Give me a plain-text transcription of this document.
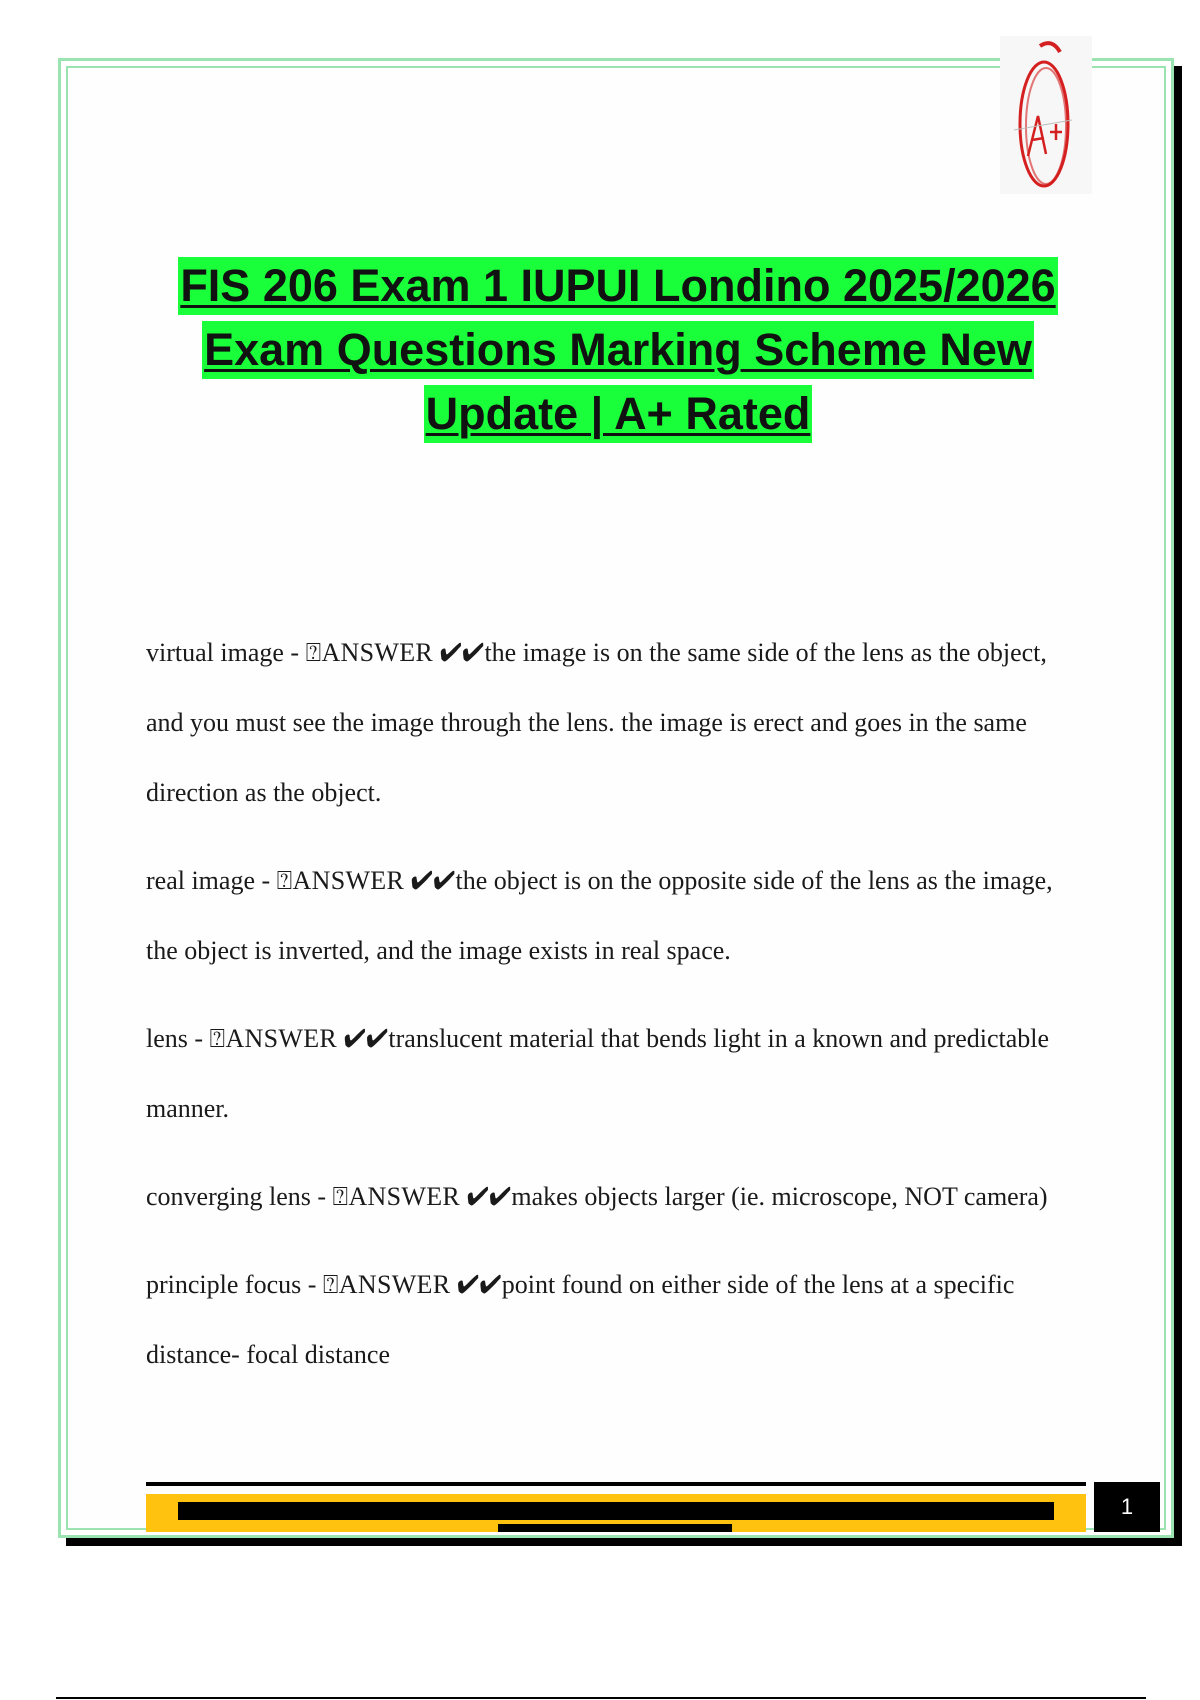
FIS 206 Exam 1 IUPUI Londino 2025/2026
Exam Questions Marking Scheme New
Update | A+ Rated
virtual image - ⍰ANSWER ✔✔the image is on the same side of the lens as the object, and you must see the image through the lens. the image is erect and goes in the same direction as the object.
real image - ⍰ANSWER ✔✔the object is on the opposite side of the lens as the image, the object is inverted, and the image exists in real space.
lens - ⍰ANSWER ✔✔translucent material that bends light in a known and predictable manner.
converging lens - ⍰ANSWER ✔✔makes objects larger (ie. microscope, NOT camera)
principle focus - ⍰ANSWER ✔✔point found on either side of the lens at a specific distance- focal distance
1
